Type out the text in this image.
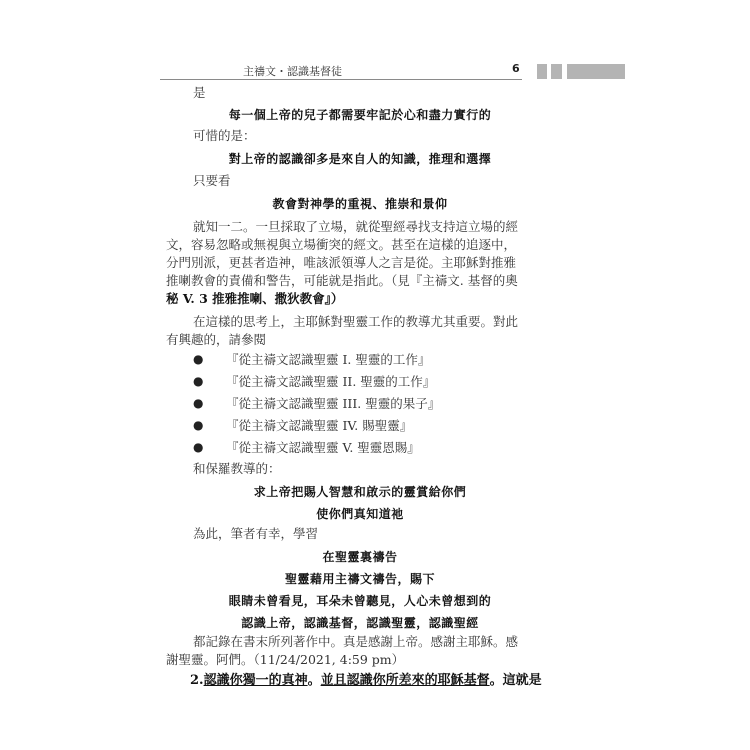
主禱文・認識基督徒	6
是
每一個上帝的兒子都需要牢記於心和盡力實行的
可惜的是：
對上帝的認識卻多是來自人的知識，推理和選擇
只要看
教會對神學的重視、推崇和景仰
就知一二。一旦採取了立場，就從聖經尋找支持這立場的經
文，容易忽略或無視與立場衝突的經文。甚至在這樣的追逐中，
分門別派，更甚者造神，唯該派領導人之言是從。主耶穌對推雅
推喇教會的責備和警告，可能就是指此。（見『主禱文. 基督的奧
秘 V. 3 推雅推喇、撒狄教會』）
在這樣的思考上，主耶穌對聖靈工作的教導尤其重要。對此
有興趣的，請參閱
● 『從主禱文認識聖靈 I. 聖靈的工作』
● 『從主禱文認識聖靈 II. 聖靈的工作』
● 『從主禱文認識聖靈 III. 聖靈的果子』
● 『從主禱文認識聖靈 IV. 賜聖靈』
● 『從主禱文認識聖靈 V. 聖靈恩賜』
和保羅教導的：
求上帝把賜人智慧和啟示的靈賞給你們
使你們真知道祂
為此，筆者有幸，學習
在聖靈裏禱告
聖靈藉用主禱文禱告，賜下
眼睛未曾看見，耳朵未曾聽見，人心未曾想到的
認識上帝，認識基督，認識聖靈，認識聖經
都記錄在書末所列著作中。真是感謝上帝。感謝主耶穌。感
謝聖靈。阿們。（11/24/2021, 4:59 pm）
2.認識你獨一的真神。並且認識你所差來的耶穌基督。這就是
